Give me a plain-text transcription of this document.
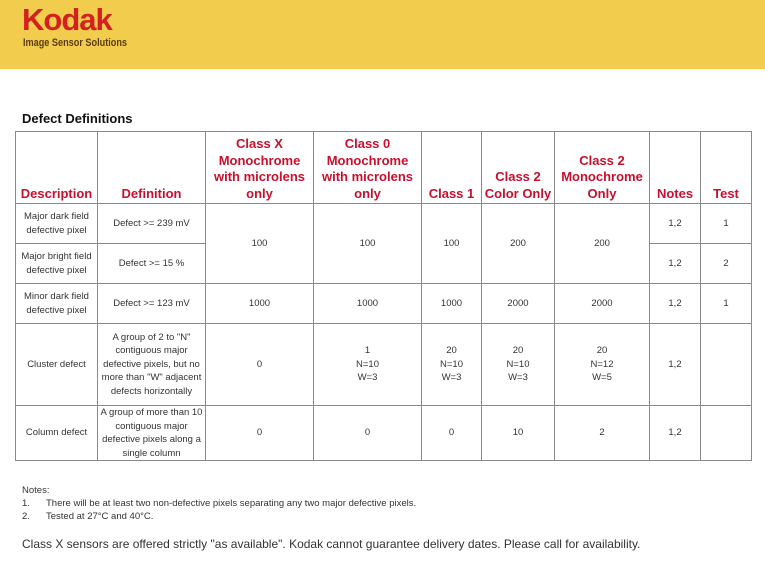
Kodak
Image Sensor Solutions
Defect Definitions
Description	Definition	Class X Monochrome with microlens only	Class 0 Monochrome with microlens only	Class 1	Class 2 Color Only	Class 2 Monochrome Only	Notes	Test
Major dark field defective pixel	Defect >= 239 mV	100	100	100	200	200	1,2	1
Major bright field defective pixel	Defect >= 15 %						1,2	2
Minor dark field defective pixel	Defect >= 123 mV	1000	1000	1000	2000	2000	1,2	1
Cluster defect	A group of 2 to "N" contiguous major defective pixels, but no more than "W" adjacent defects horizontally	0	1
N=10
W=3	20
N=10
W=3	20
N=10
W=3	20
N=12
W=5	1,2	
Column defect	A group of more than 10 contiguous major defective pixels along a single column	0	0	0	10	2	1,2	
Notes:
1. There will be at least two non-defective pixels separating any two major defective pixels.
2. Tested at 27°C and 40°C.
Class X sensors are offered strictly "as available". Kodak cannot guarantee delivery dates. Please call for availability.
